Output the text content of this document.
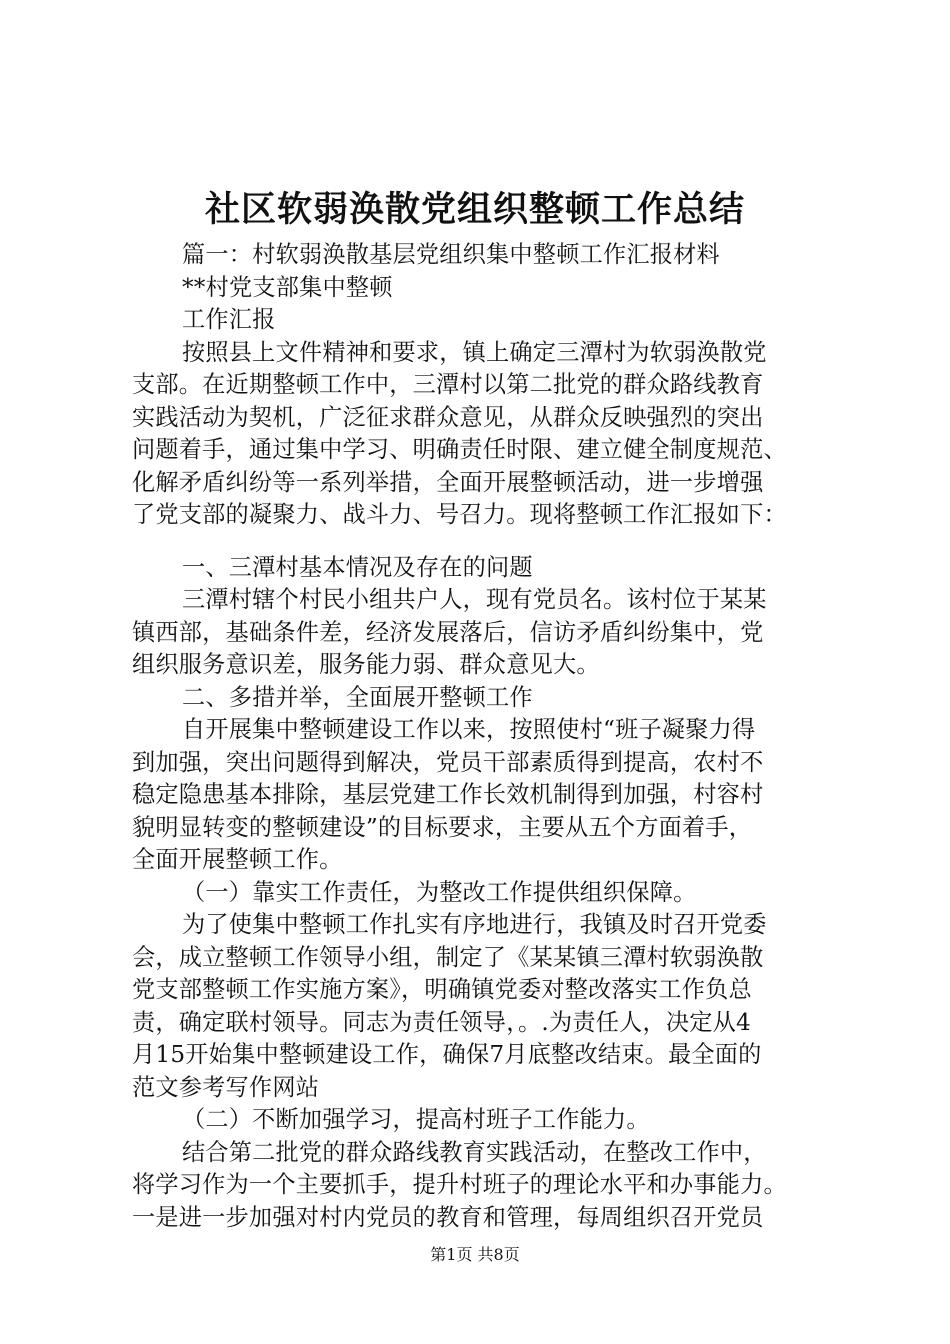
社区软弱涣散党组织整顿工作总结
篇一：村软弱涣散基层党组织集中整顿工作汇报材料
**村党支部集中整顿
工作汇报
按照县上文件精神和要求，镇上确定三潭村为软弱涣散党
支部。在近期整顿工作中，三潭村以第二批党的群众路线教育
实践活动为契机，广泛征求群众意见，从群众反映强烈的突出
问题着手，通过集中学习、明确责任时限、建立健全制度规范、
化解矛盾纠纷等一系列举措，全面开展整顿活动，进一步增强
了党支部的凝聚力、战斗力、号召力。现将整顿工作汇报如下：
一、三潭村基本情况及存在的问题
三潭村辖个村民小组共户人，现有党员名。该村位于某某
镇西部，基础条件差，经济发展落后，信访矛盾纠纷集中，党
组织服务意识差，服务能力弱、群众意见大。
二、多措并举，全面展开整顿工作
自开展集中整顿建设工作以来，按照使村“班子凝聚力得
到加强，突出问题得到解决，党员干部素质得到提高，农村不
稳定隐患基本排除，基层党建工作长效机制得到加强，村容村
貌明显转变的整顿建设”的目标要求，主要从五个方面着手，
全面开展整顿工作。
（一）靠实工作责任，为整改工作提供组织保障。
为了使集中整顿工作扎实有序地进行，我镇及时召开党委
会，成立整顿工作领导小组，制定了《某某镇三潭村软弱涣散
党支部整顿工作实施方案》，明确镇党委对整改落实工作负总
责，确定联村领导。同志为责任领导，。.为责任人，决定从4
月15开始集中整顿建设工作，确保7月底整改结束。最全面的
范文参考写作网站
（二）不断加强学习，提高村班子工作能力。
结合第二批党的群众路线教育实践活动，在整改工作中，
将学习作为一个主要抓手，提升村班子的理论水平和办事能力。
一是进一步加强对村内党员的教育和管理，每周组织召开党员
第1页 共8页
